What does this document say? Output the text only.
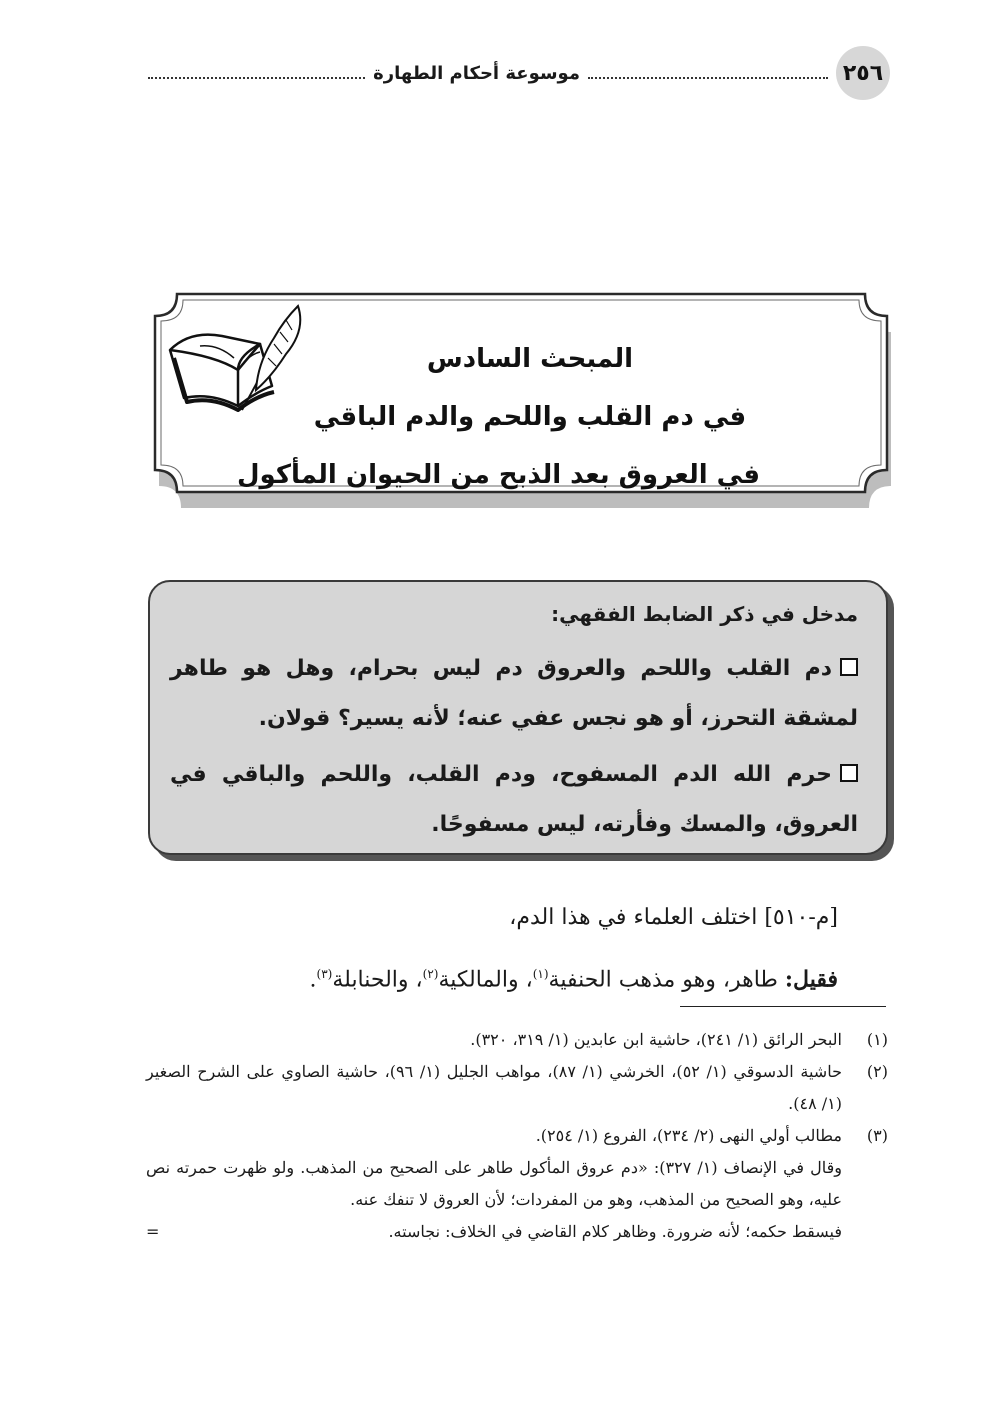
٢٥٦
موسوعة أحكام الطهارة
المبحث السادس
في دم القلب واللحم والدم الباقي
في العروق بعد الذبح من الحيوان المأكول
مدخل في ذكر الضابط الفقهي:
دم القلب واللحم والعروق دم ليس بحرام، وهل هو طاهر لمشقة التحرز، أو هو نجس عفي عنه؛ لأنه يسير؟ قولان.
حرم الله الدم المسفوح، ودم القلب، واللحم والباقي في العروق، والمسك وفأرته، ليس مسفوحًا.

[م-٥١٠] اختلف العلماء في هذا الدم،

فقيل: طاهر، وهو مذهب الحنفية$^{(١)}$، والمالكية$^{(٢)}$، والحنابلة$^{(٣)}$.

(١)
البحر الرائق (١/ ٢٤١)، حاشية ابن عابدين (١/ ٣١٩، ٣٢٠).
(٢)
حاشية الدسوقي (١/ ٥٢)، الخرشي (١/ ٨٧)، مواهب الجليل (١/ ٩٦)، حاشية الصاوي على الشرح الصغير (١/ ٤٨).
(٣)
مطالب أولي النهى (٢/ ٢٣٤)، الفروع (١/ ٢٥٤).
وقال في الإنصاف (١/ ٣٢٧): «دم عروق المأكول طاهر على الصحيح من المذهب. ولو ظهرت حمرته نص عليه، وهو الصحيح من المذهب، وهو من المفردات؛ لأن العروق لا تنفك عنه.
فيسقط حكمه؛ لأنه ضرورة. وظاهر كلام القاضي في الخلاف: نجاسته.
=
